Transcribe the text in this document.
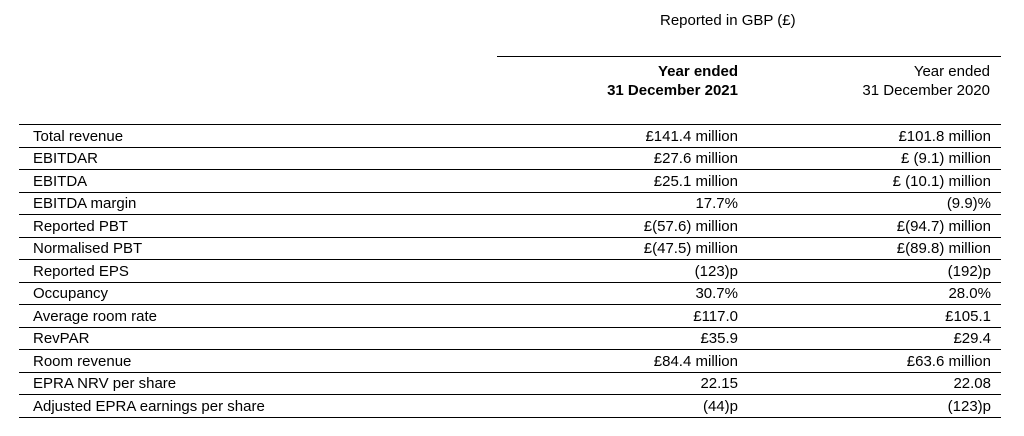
Reported in GBP (£)
Year ended
31 December 2021
Year ended
31 December 2020
Total revenue	£141.4 million	£101.8 million
EBITDAR	£27.6 million	£ (9.1) million
EBITDA	£25.1 million	£ (10.1) million
EBITDA margin	17.7%	(9.9)%
Reported PBT	£(57.6) million	£(94.7) million
Normalised PBT	£(47.5) million	£(89.8) million
Reported EPS	(123)p	(192)p
Occupancy	30.7%	28.0%
Average room rate	£117.0	£105.1
RevPAR	£35.9	£29.4
Room revenue	£84.4 million	£63.6 million
EPRA NRV per share	22.15	22.08
Adjusted EPRA earnings per share	(44)p	(123)p
